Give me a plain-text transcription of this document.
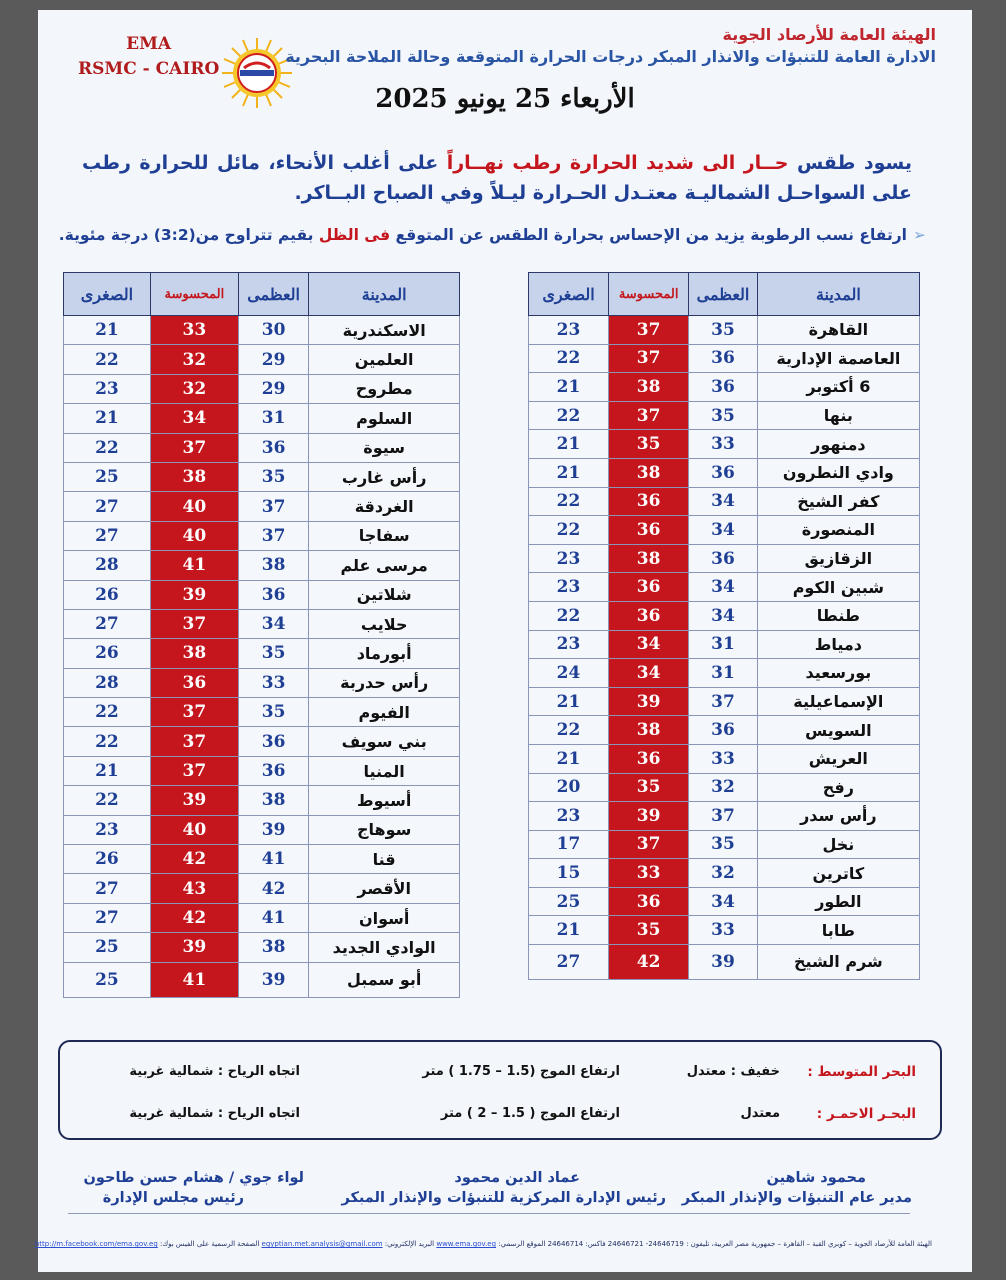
EMA
RSMC - CAIRO
الهيئة العامة للأرصاد الجوية
الادارة العامة للتنبؤات والانذار المبكر درجات الحرارة المتوقعة وحالة الملاحة البحرية
الأربعاء 25 يونيو 2025
يسود طقس حــار الى شديد الحرارة رطب نهــاراً على أغلب الأنحاء، مائل للحرارة رطب على السواحـل الشماليـة معتـدل الحـرارة ليـلاً وفي الصباح البــاكر.
➢ارتفاع نسب الرطوبة يزيد من الإحساس بحرارة الطقس عن المتوقع فى الظل بقيم تتراوح من(3:2) درجة مئوية.
المدينة	العظمى	المحسوسة	الصغرى
القاهرة	35	37	23
العاصمة الإدارية	36	37	22
6 أكتوبر	36	38	21
بنها	35	37	22
دمنهور	33	35	21
وادي النطرون	36	38	21
كفر الشيخ	34	36	22
المنصورة	34	36	22
الزقازيق	36	38	23
شبين الكوم	34	36	23
طنطا	34	36	22
دمياط	31	34	23
بورسعيد	31	34	24
الإسماعيلية	37	39	21
السويس	36	38	22
العريش	33	36	21
رفح	32	35	20
رأس سدر	37	39	23
نخل	35	37	17
كاترين	32	33	15
الطور	34	36	25
طابا	33	35	21
شرم الشيخ	39	42	27
المدينة	العظمى	المحسوسة	الصغرى
الاسكندرية	30	33	21
العلمين	29	32	22
مطروح	29	32	23
السلوم	31	34	21
سيوة	36	37	22
رأس غارب	35	38	25
الغردقة	37	40	27
سفاجا	37	40	27
مرسى علم	38	41	28
شلاتين	36	39	26
حلايب	34	37	27
أبورماد	35	38	26
رأس حدربة	33	36	28
الفيوم	35	37	22
بني سويف	36	37	22
المنيا	36	37	21
أسيوط	38	39	22
سوهاج	39	40	23
قنا	41	42	26
الأقصر	42	43	27
أسوان	41	42	27
الوادي الجديد	38	39	25
أبو سمبل	39	41	25
البحر المتوسط :
خفيف : معتدل
ارتفاع الموج (1.5 – 1.75 ) متر
اتجاه الرياح : شمالية غربية
البحـر الاحمـر :
معتدل
ارتفاع الموج ( 1.5 – 2 ) متر
اتجاه الرياح : شمالية غربية
محمود شاهين
مدير عام التنبؤات والإنذار المبكر
عماد الدين محمود
رئيس الإدارة المركزية للتنبؤات والإنذار المبكر
لواء جوي / هشام حسن طاحون
رئيس مجلس الإدارة
الهيئة العامة للأرصاد الجوية – كوبري القبة – القاهرة – جمهورية مصر العربية، تليفون : 24646719- 24646721 فاكس: 24646714 الموقع الرسمي: www.ema.gov.eg البريد الإلكتروني: egyptian.met.analysis@gmail.com الصفحة الرسمية على الفيس بوك: http://m.facebook.com/ema.gov.eg
